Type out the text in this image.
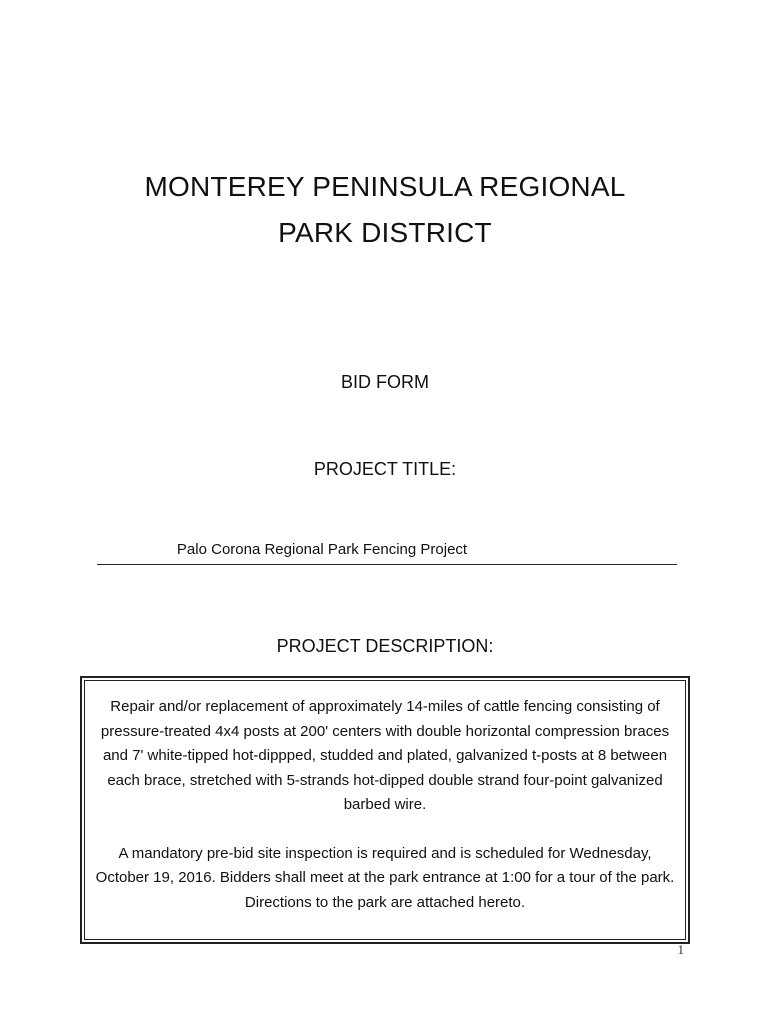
MONTEREY PENINSULA REGIONAL
PARK DISTRICT
BID FORM
PROJECT TITLE:
Palo Corona Regional Park Fencing Project
PROJECT DESCRIPTION:

Repair and/or replacement of approximately 14-miles of cattle fencing consisting of pressure-treated 4x4 posts at 200' centers with double horizontal compression braces and 7' white-tipped hot-dippped, studded and plated, galvanized t-posts at 8 between each brace, stretched with 5-strands hot-dipped double strand four-point galvanized barbed wire.

A mandatory pre-bid site inspection is required and is scheduled for Wednesday, October 19, 2016. Bidders shall meet at the park entrance at 1:00 for a tour of the park. Directions to the park are attached hereto.

1
